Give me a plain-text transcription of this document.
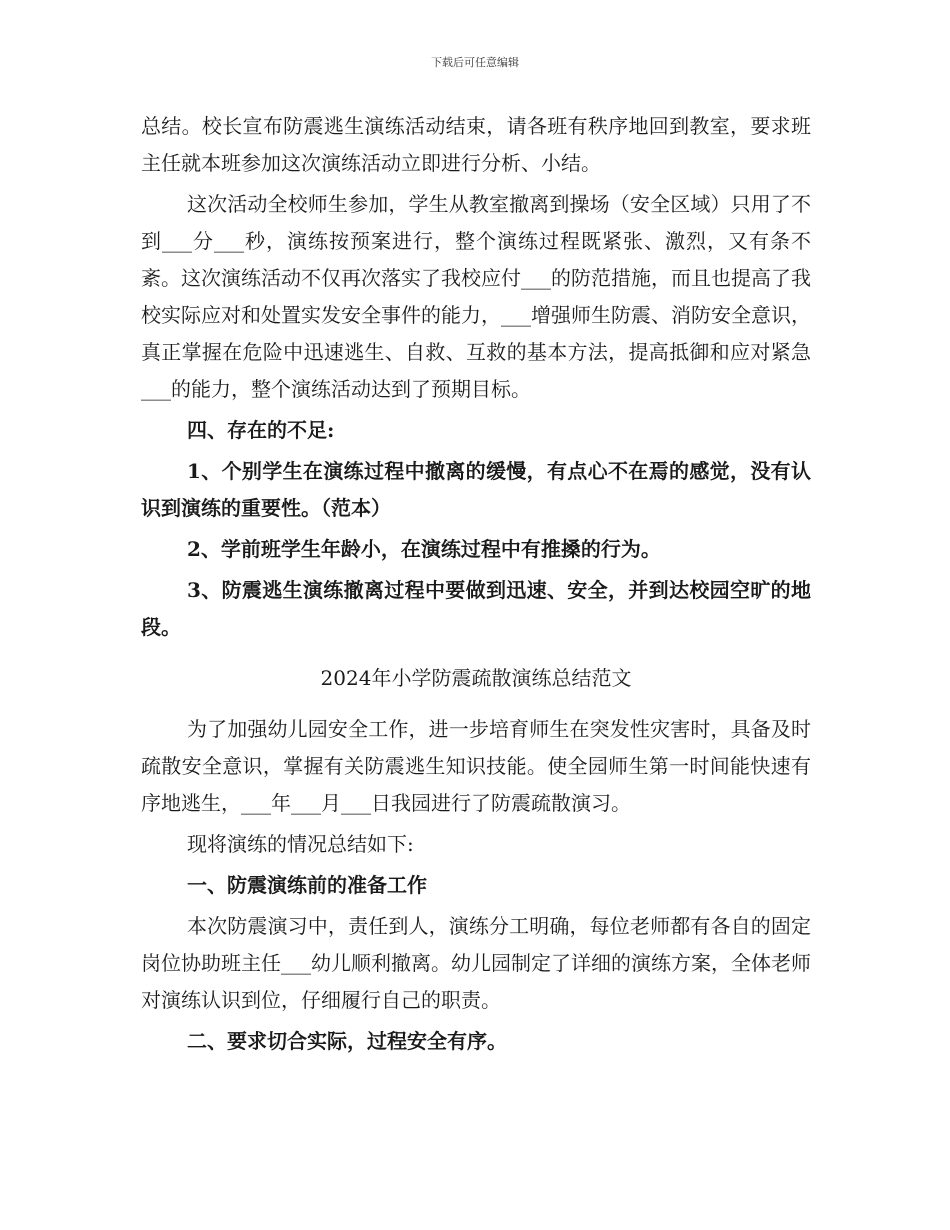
下载后可任意编辑

总结。校长宣布防震逃生演练活动结束，请各班有秩序地回到教室，要求班主任就本班参加这次演练活动立即进行分析、小结。

这次活动全校师生参加，学生从教室撤离到操场（安全区域）只用了不到___分___秒，演练按预案进行，整个演练过程既紧张、激烈，又有条不紊。这次演练活动不仅再次落实了我校应付___的防范措施，而且也提高了我校实际应对和处置实发安全事件的能力，___增强师生防震、消防安全意识，真正掌握在危险中迅速逃生、自救、互救的基本方法，提高抵御和应对紧急___的能力，整个演练活动达到了预期目标。

四、存在的不足:

1、个别学生在演练过程中撤离的缓慢，有点心不在焉的感觉，没有认识到演练的重要性。（范本）

2、学前班学生年龄小，在演练过程中有推搡的行为。

3、防震逃生演练撤离过程中要做到迅速、安全，并到达校园空旷的地段。

2024年小学防震疏散演练总结范文

为了加强幼儿园安全工作，进一步培育师生在突发性灾害时，具备及时疏散安全意识，掌握有关防震逃生知识技能。使全园师生第一时间能快速有序地逃生，___年___月___日我园进行了防震疏散演习。

现将演练的情况总结如下:

一、防震演练前的准备工作

本次防震演习中，责任到人，演练分工明确，每位老师都有各自的固定岗位协助班主任___幼儿顺利撤离。幼儿园制定了详细的演练方案，全体老师对演练认识到位，仔细履行自己的职责。

二、要求切合实际，过程安全有序。
